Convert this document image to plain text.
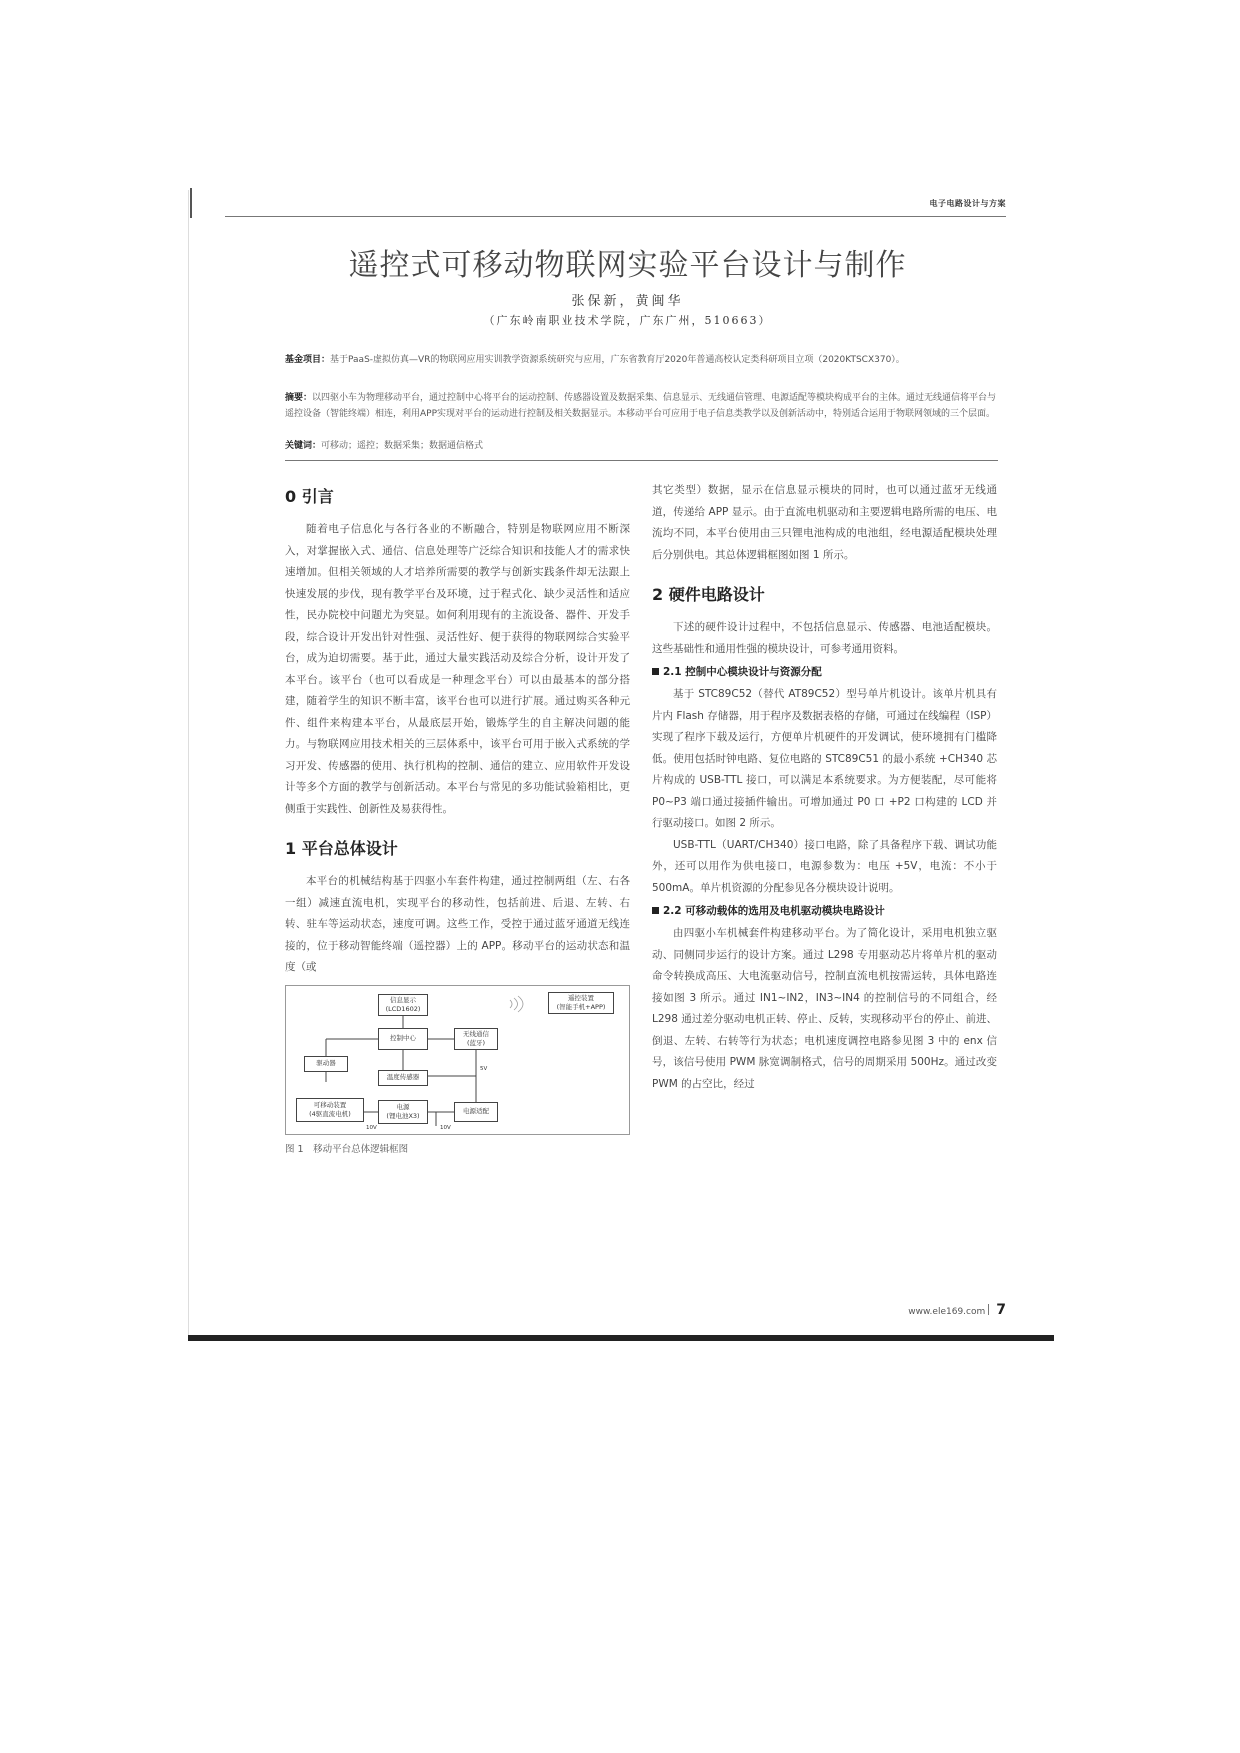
电子电路设计与方案
遥控式可移动物联网实验平台设计与制作
张保新，黄闽华
（广东岭南职业技术学院，广东广州，510663）
基金项目：基于PaaS-虚拟仿真—VR的物联网应用实训教学资源系统研究与应用，广东省教育厅2020年普通高校认定类科研项目立项（2020KTSCX370）。
摘要：以四驱小车为物理移动平台，通过控制中心将平台的运动控制、传感器设置及数据采集、信息显示、无线通信管理、电源适配等模块构成平台的主体。通过无线通信将平台与遥控设备（智能终端）相连，利用APP实现对平台的运动进行控制及相关数据显示。本移动平台可应用于电子信息类教学以及创新活动中，特别适合运用于物联网领域的三个层面。
关键词：可移动；遥控；数据采集；数据通信格式
0 引言

随着电子信息化与各行各业的不断融合，特别是物联网应用不断深入，对掌握嵌入式、通信、信息处理等广泛综合知识和技能人才的需求快速增加。但相关领域的人才培养所需要的教学与创新实践条件却无法跟上快速发展的步伐，现有教学平台及环境，过于程式化、缺少灵活性和适应性，民办院校中问题尤为突显。如何利用现有的主流设备、器件、开发手段，综合设计开发出针对性强、灵活性好、便于获得的物联网综合实验平台，成为迫切需要。基于此，通过大量实践活动及综合分析，设计开发了本平台。该平台（也可以看成是一种理念平台）可以由最基本的部分搭建，随着学生的知识不断丰富，该平台也可以进行扩展。通过购买各种元件、组件来构建本平台，从最底层开始，锻炼学生的自主解决问题的能力。与物联网应用技术相关的三层体系中，该平台可用于嵌入式系统的学习开发、传感器的使用、执行机构的控制、通信的建立、应用软件开发设计等多个方面的教学与创新活动。本平台与常见的多功能试验箱相比，更侧重于实践性、创新性及易获得性。

1 平台总体设计

本平台的机械结构基于四驱小车套件构建，通过控制两组（左、右各一组）减速直流电机，实现平台的移动性，包括前进、后退、左转、右转、驻车等运动状态，速度可调。这些工作，受控于通过蓝牙通道无线连接的，位于移动智能终端（遥控器）上的 APP。移动平台的运动状态和温度（或

信息显示
(LCD1602)
遥控装置
(智能手机+APP)
控制中心
无线通信
(蓝牙)
驱动器
温度传感器
可移动装置
(4驱直流电机)
电源
(锂电池X3)
电源适配
5V
10V	10V
图 1　移动平台总体逻辑框图

其它类型）数据，显示在信息显示模块的同时，也可以通过蓝牙无线通道，传递给 APP 显示。由于直流电机驱动和主要逻辑电路所需的电压、电流均不同，本平台使用由三只锂电池构成的电池组，经电源适配模块处理后分别供电。其总体逻辑框图如图 1 所示。

2 硬件电路设计

下述的硬件设计过程中，不包括信息显示、传感器、电池适配模块。这些基础性和通用性强的模块设计，可参考通用资料。

2.1 控制中心模块设计与资源分配

基于 STC89C52（替代 AT89C52）型号单片机设计。该单片机具有片内 Flash 存储器，用于程序及数据表格的存储，可通过在线编程（ISP）实现了程序下载及运行，方便单片机硬件的开发调试，使环境拥有门槛降低。使用包括时钟电路、复位电路的 STC89C51 的最小系统 +CH340 芯片构成的 USB-TTL 接口，可以满足本系统要求。为方便装配，尽可能将 P0~P3 端口通过接插件输出。可增加通过 P0 口 +P2 口构建的 LCD 并行驱动接口。如图 2 所示。

USB-TTL（UART/CH340）接口电路，除了具备程序下载、调试功能外，还可以用作为供电接口，电源参数为：电压 +5V，电流：不小于 500mA。单片机资源的分配参见各分模块设计说明。

2.2 可移动载体的选用及电机驱动模块电路设计

由四驱小车机械套件构建移动平台。为了简化设计，采用电机独立驱动、同侧同步运行的设计方案。通过 L298 专用驱动芯片将单片机的驱动命令转换成高压、大电流驱动信号，控制直流电机按需运转，具体电路连接如图 3 所示。通过 IN1~IN2，IN3~IN4 的控制信号的不同组合，经 L298 通过差分驱动电机正转、停止、反转，实现移动平台的停止、前进、倒退、左转、右转等行为状态；电机速度调控电路参见图 3 中的 enx 信号，该信号使用 PWM 脉宽调制格式，信号的周期采用 500Hz。通过改变 PWM 的占空比，经过

www.ele169.com 7
